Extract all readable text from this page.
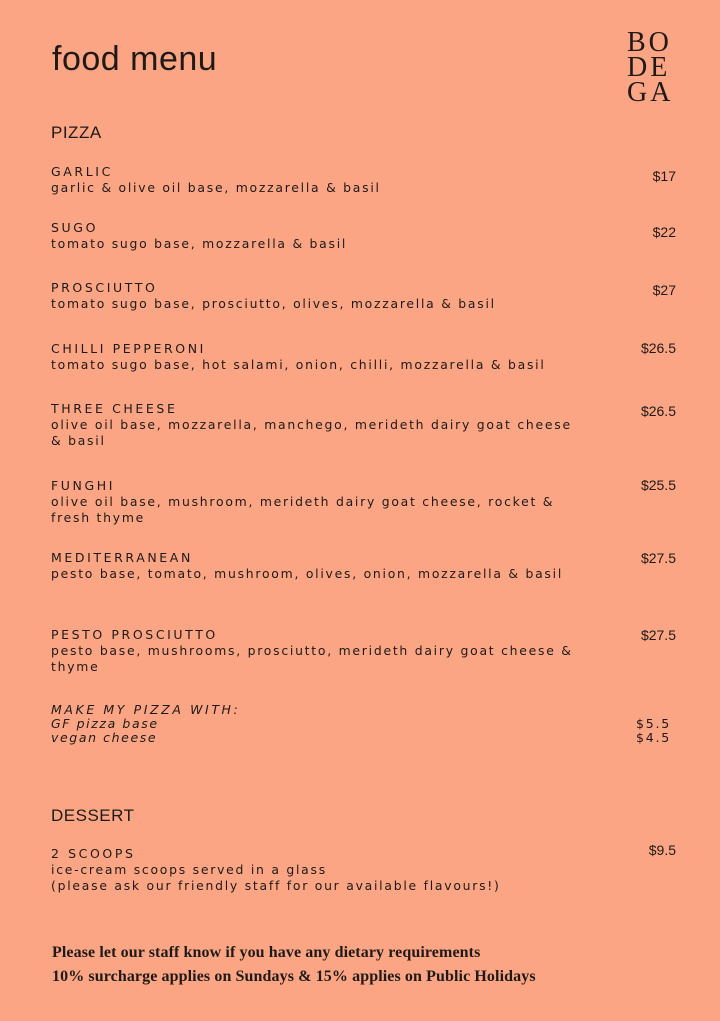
food menu	BO
DE
GA
PIZZA
GARLIC
garlic & olive oil base, mozzarella & basil
$17
SUGO
tomato sugo base, mozzarella & basil
$22
PROSCIUTTO
tomato sugo base, prosciutto, olives, mozzarella & basil
$27
CHILLI PEPPERONI
tomato sugo base, hot salami, onion, chilli, mozzarella & basil
$26.5
THREE CHEESE
olive oil base, mozzarella, manchego, merideth dairy goat cheese & basil
$26.5
FUNGHI
olive oil base, mushroom, merideth dairy goat cheese, rocket & fresh thyme
$25.5
MEDITERRANEAN
pesto base, tomato, mushroom, olives, onion, mozzarella & basil
$27.5
PESTO PROSCIUTTO
pesto base, mushrooms, prosciutto, merideth dairy goat cheese & thyme
$27.5
MAKE MY PIZZA WITH:
GF pizza base	$5.5
vegan cheese	$4.5
DESSERT
2 SCOOPS
ice-cream scoops served in a glass
(please ask our friendly staff for our available flavours!)
$9.5
Please let our staff know if you have any dietary requirements
10% surcharge applies on Sundays & 15% applies on Public Holidays
